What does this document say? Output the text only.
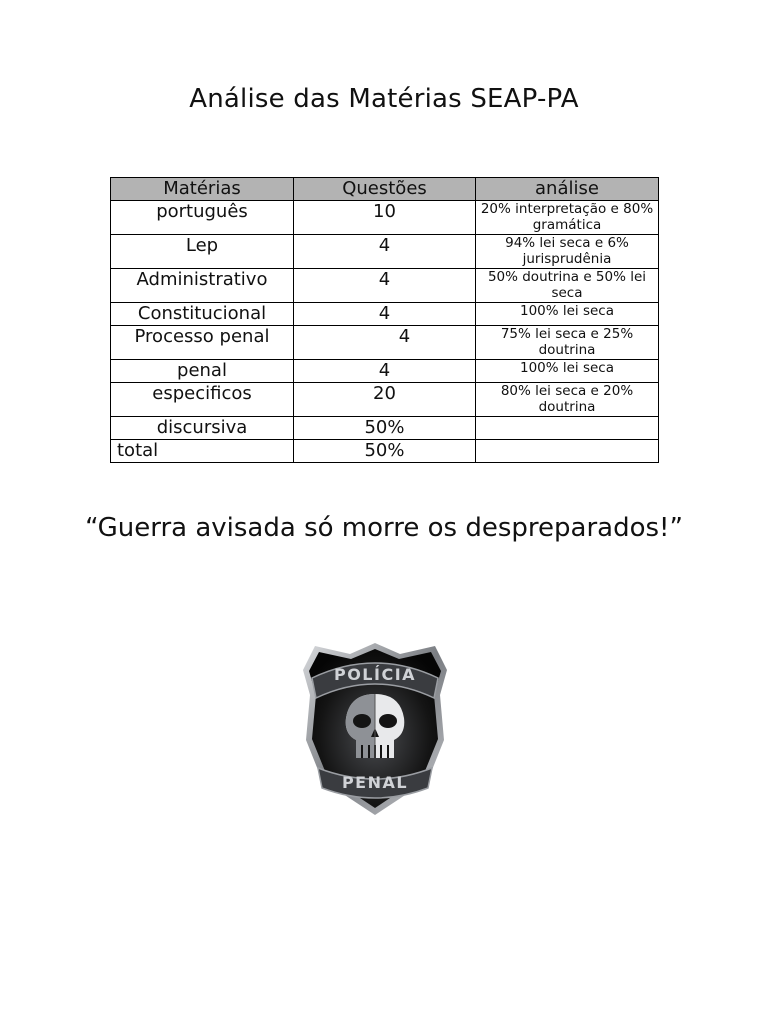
Análise das Matérias SEAP-PA
Matérias	Questões	análise
português	10	20% interpretação e 80% gramática
Lep	4	94% lei seca e 6% jurisprudênia
Administrativo	4	50% doutrina e 50% lei seca
Constitucional	4	100% lei seca
Processo penal	4	75% lei seca e 25% doutrina
penal	4	100% lei seca
especificos	20	80% lei seca e 20% doutrina
discursiva	50%	
total	50%	
“Guerra avisada só morre os despreparados!”
POLÍCIA
PENAL
